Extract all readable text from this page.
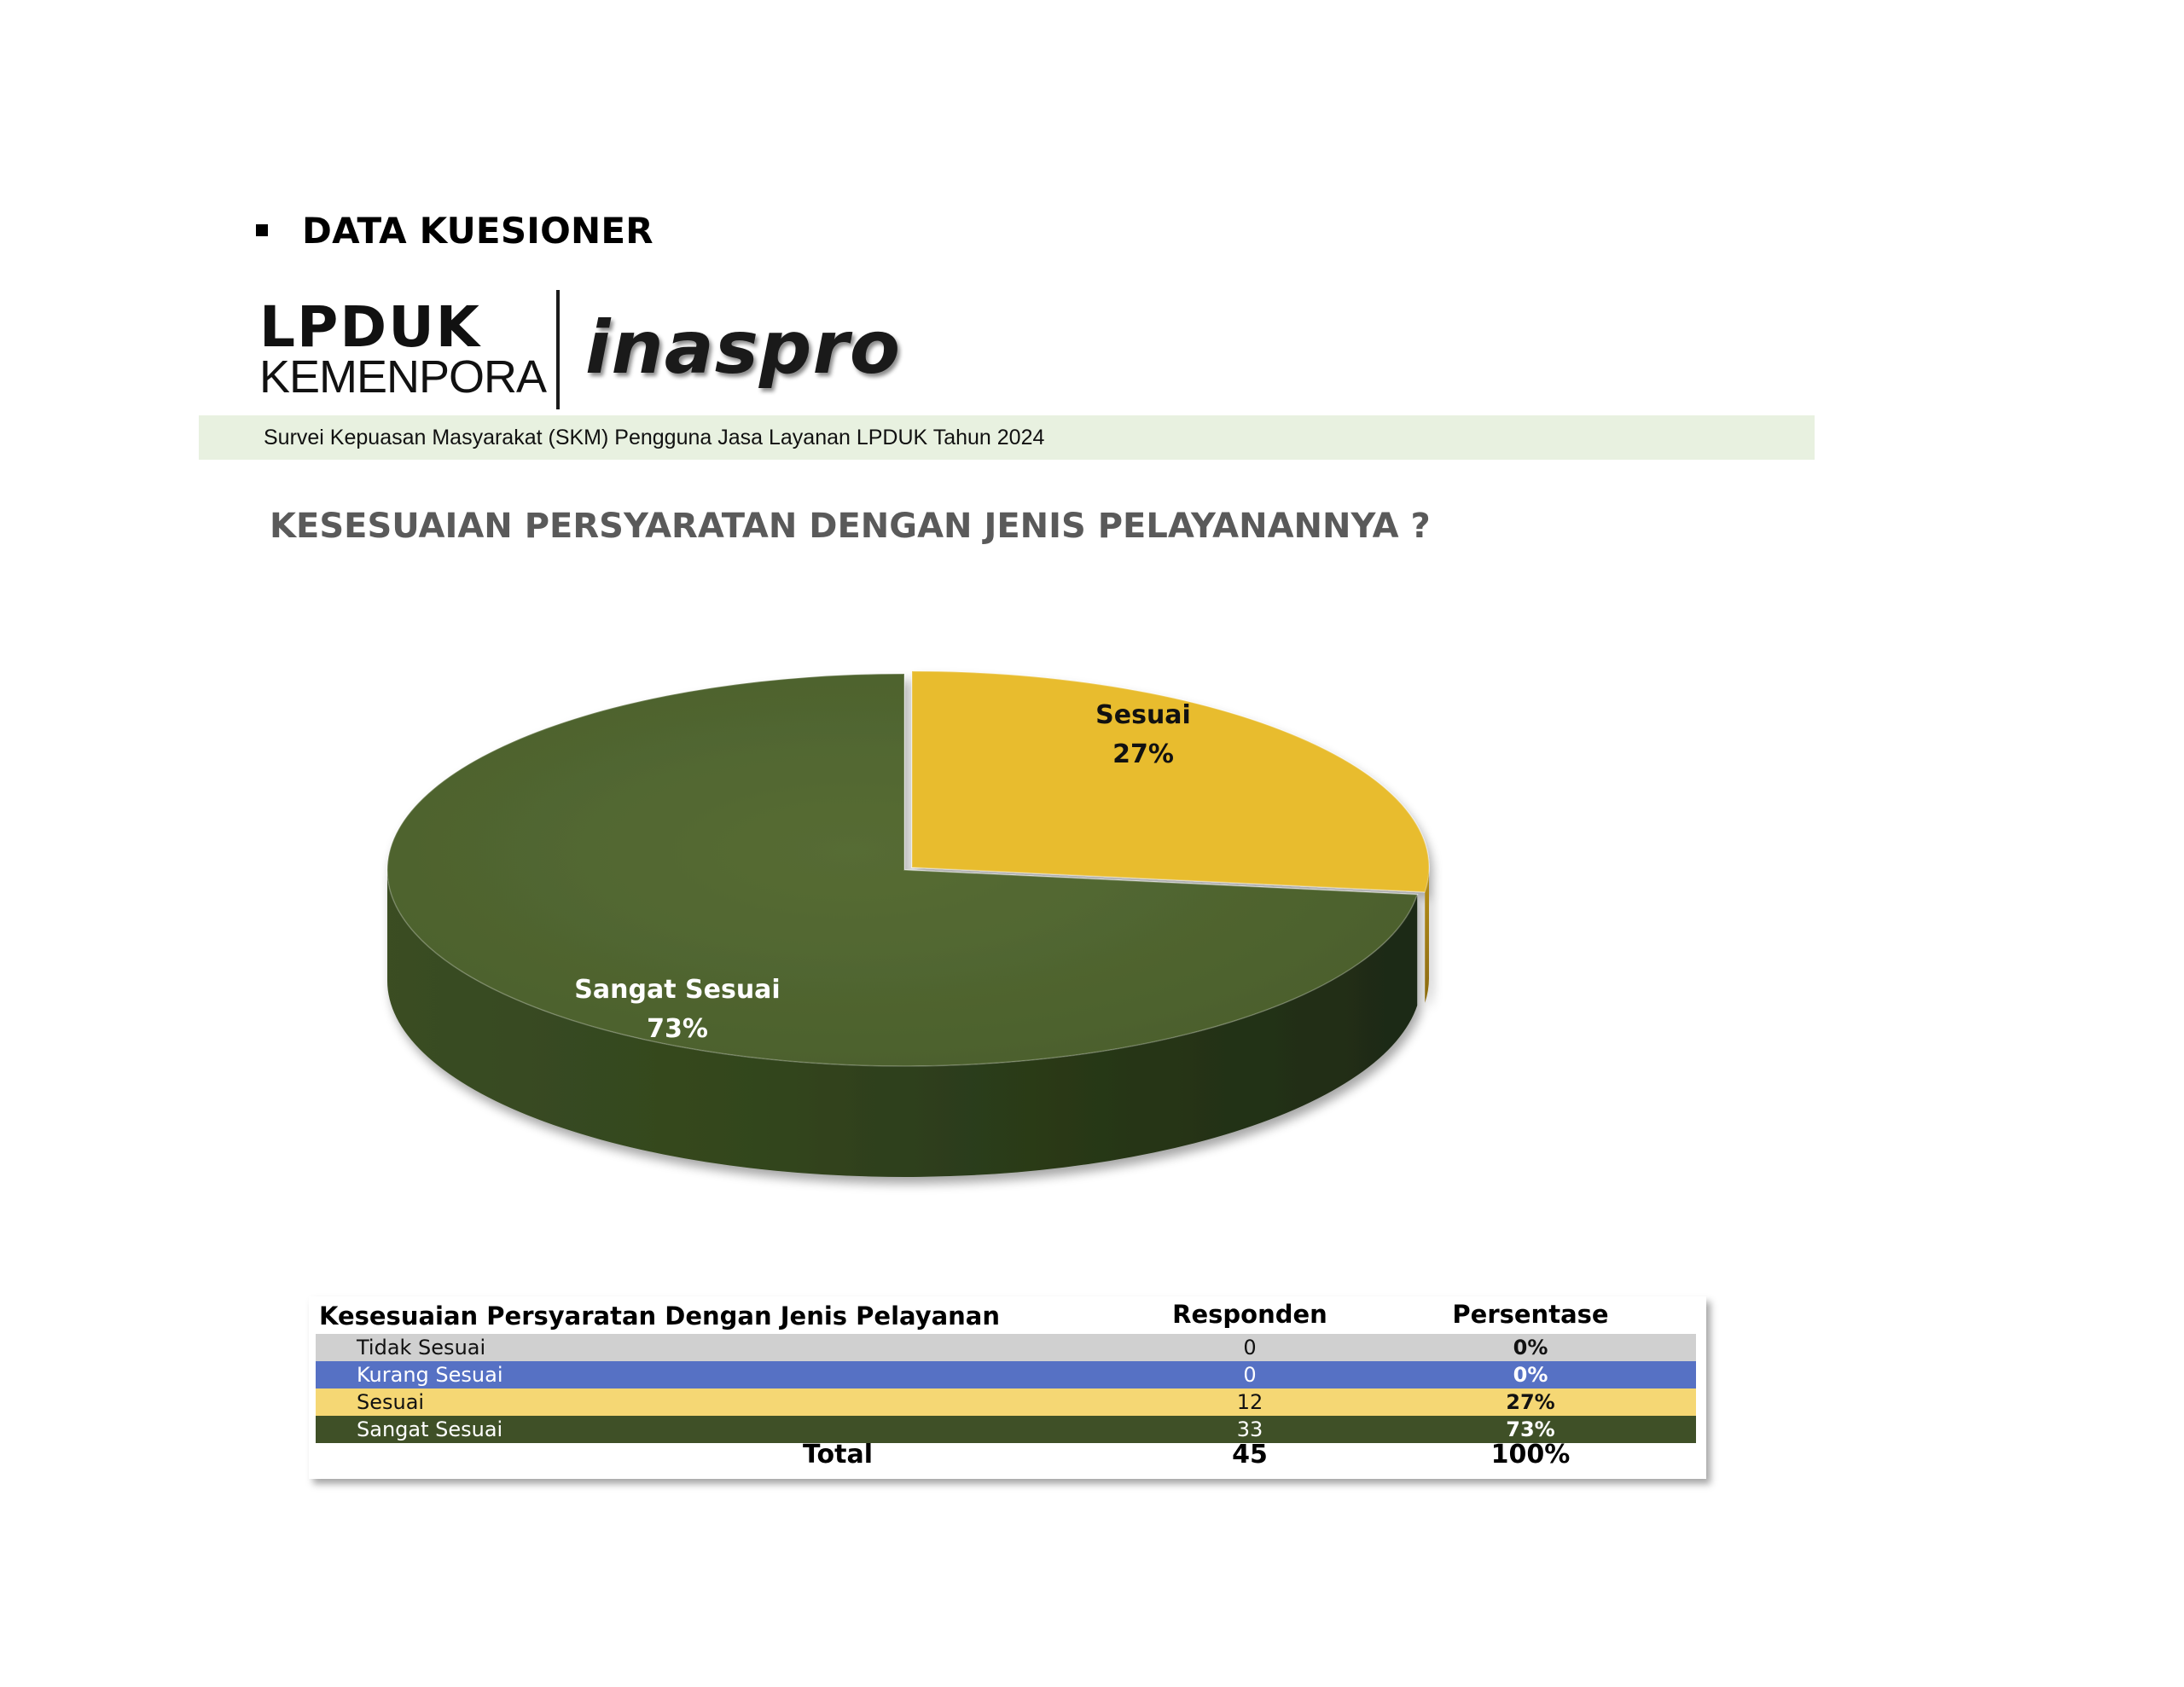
DATA KUESIONER
LPDUK
KEMENPORA inaspro
Survei Kepuasan Masyarakat (SKM) Pengguna Jasa Layanan LPDUK Tahun 2024
KESESUAIAN PERSYARATAN DENGAN JENIS PELAYANANNYA ?
Sesuai
27%
Sangat Sesuai
73%
Kesesuaian Persyaratan Dengan Jenis Pelayanan	Responden	Persentase
Tidak Sesuai	0	0%
Kurang Sesuai	0	0%
Sesuai	12	27%
Sangat Sesuai	33	73%
Total	45	100%
